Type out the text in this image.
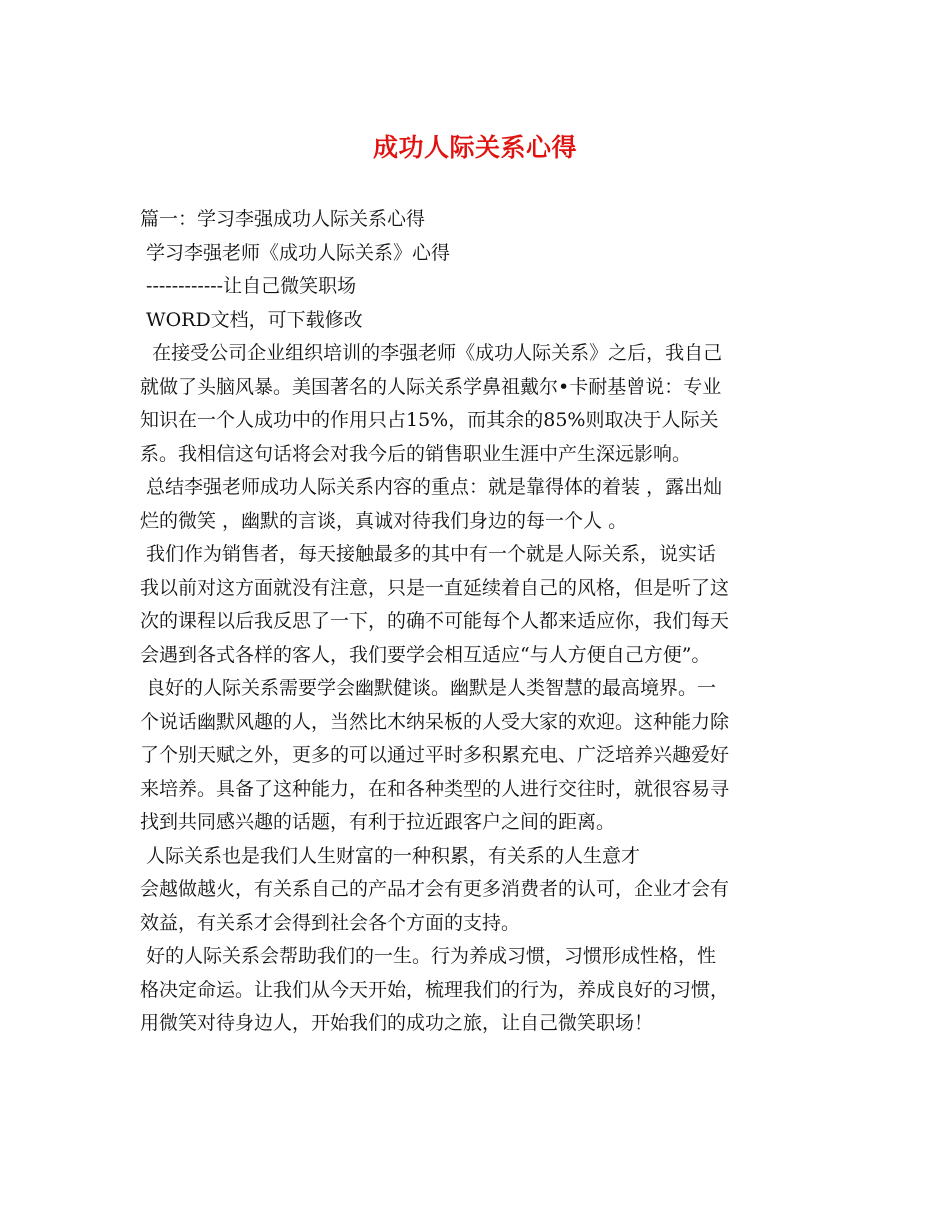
成功人际关系心得
篇一：学习李强成功人际关系心得
学习李强老师《成功人际关系》心得
------------让自己微笑职场
WORD文档，可下载修改
在接受公司企业组织培训的李强老师《成功人际关系》之后，我自己
就做了头脑风暴。美国著名的人际关系学鼻祖戴尔•卡耐基曾说：专业
知识在一个人成功中的作用只占15%，而其余的85%则取决于人际关
系。我相信这句话将会对我今后的销售职业生涯中产生深远影响。
总结李强老师成功人际关系内容的重点：就是靠得体的着装 ，露出灿
烂的微笑 ，幽默的言谈，真诚对待我们身边的每一个人 。
我们作为销售者，每天接触最多的其中有一个就是人际关系，说实话
我以前对这方面就没有注意，只是一直延续着自己的风格，但是听了这
次的课程以后我反思了一下，的确不可能每个人都来适应你，我们每天
会遇到各式各样的客人，我们要学会相互适应“与人方便自己方便”。
良好的人际关系需要学会幽默健谈。幽默是人类智慧的最高境界。一
个说话幽默风趣的人，当然比木纳呆板的人受大家的欢迎。这种能力除
了个别天赋之外，更多的可以通过平时多积累充电、广泛培养兴趣爱好
来培养。具备了这种能力，在和各种类型的人进行交往时，就很容易寻
找到共同感兴趣的话题，有利于拉近跟客户之间的距离。
人际关系也是我们人生财富的一种积累，有关系的人生意才
会越做越火，有关系自己的产品才会有更多消费者的认可，企业才会有
效益，有关系才会得到社会各个方面的支持。
好的人际关系会帮助我们的一生。行为养成习惯，习惯形成性格，性
格决定命运。让我们从今天开始，梳理我们的行为，养成良好的习惯，
用微笑对待身边人，开始我们的成功之旅，让自己微笑职场！
